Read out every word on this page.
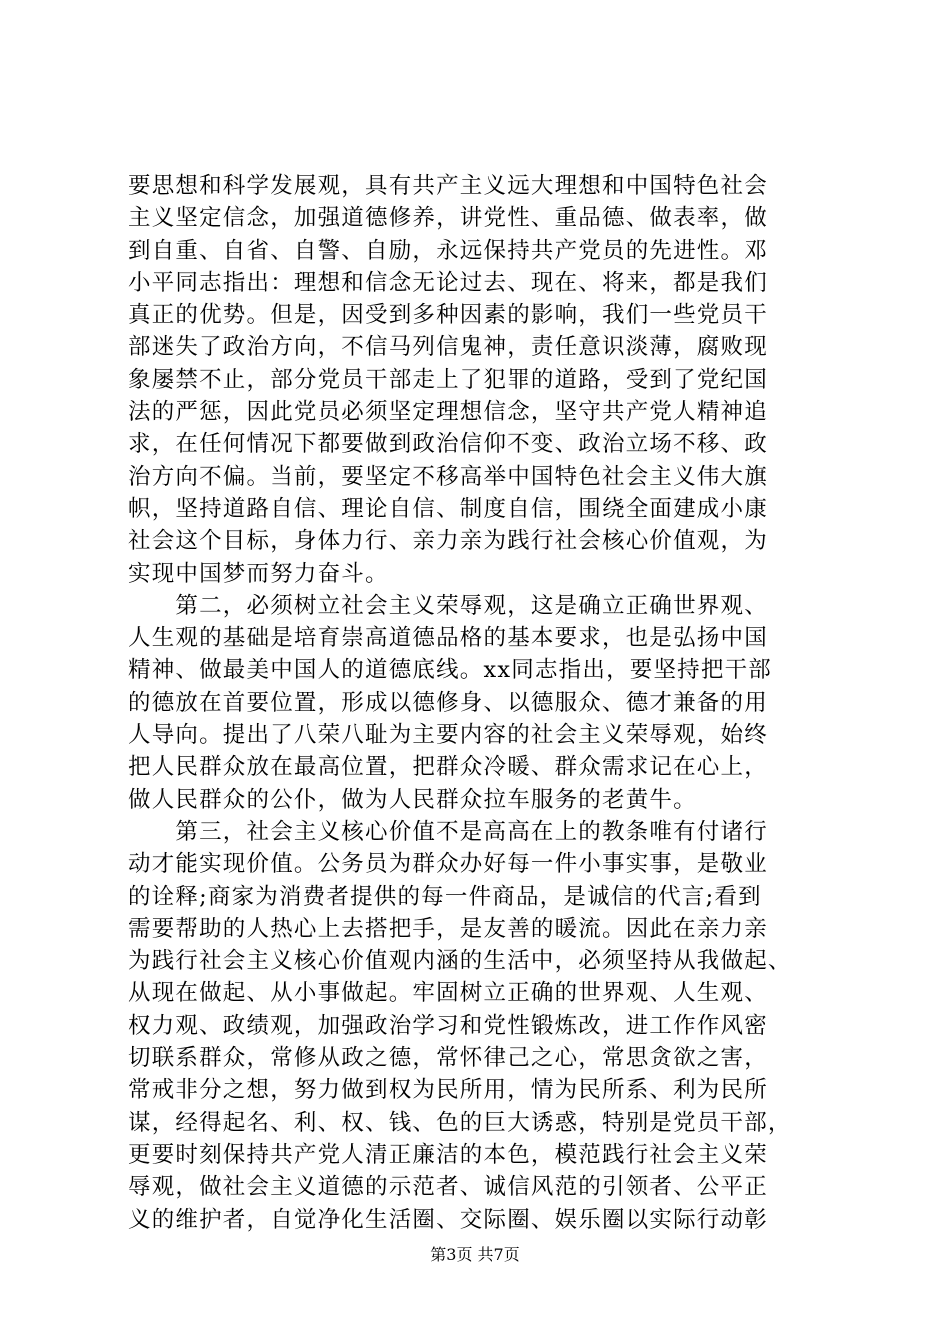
要思想和科学发展观，具有共产主义远大理想和中国特色社会
主义坚定信念，加强道德修养，讲党性、重品德、做表率，做
到自重、自省、自警、自励，永远保持共产党员的先进性。邓
小平同志指出：理想和信念无论过去、现在、将来，都是我们
真正的优势。但是，因受到多种因素的影响，我们一些党员干
部迷失了政治方向，不信马列信鬼神，责任意识淡薄，腐败现
象屡禁不止，部分党员干部走上了犯罪的道路，受到了党纪国
法的严惩，因此党员必须坚定理想信念，坚守共产党人精神追
求，在任何情况下都要做到政治信仰不变、政治立场不移、政
治方向不偏。当前，要坚定不移高举中国特色社会主义伟大旗
帜，坚持道路自信、理论自信、制度自信，围绕全面建成小康
社会这个目标，身体力行、亲力亲为践行社会核心价值观，为
实现中国梦而努力奋斗。
　　第二，必须树立社会主义荣辱观，这是确立正确世界观、
人生观的基础是培育崇高道德品格的基本要求，也是弘扬中国
精神、做最美中国人的道德底线。xx同志指出，要坚持把干部
的德放在首要位置，形成以德修身、以德服众、德才兼备的用
人导向。提出了八荣八耻为主要内容的社会主义荣辱观，始终
把人民群众放在最高位置，把群众冷暖、群众需求记在心上，
做人民群众的公仆，做为人民群众拉车服务的老黄牛。
　　第三，社会主义核心价值不是高高在上的教条唯有付诸行
动才能实现价值。公务员为群众办好每一件小事实事，是敬业
的诠释;商家为消费者提供的每一件商品，是诚信的代言;看到
需要帮助的人热心上去搭把手，是友善的暖流。因此在亲力亲
为践行社会主义核心价值观内涵的生活中，必须坚持从我做起、
从现在做起、从小事做起。牢固树立正确的世界观、人生观、
权力观、政绩观，加强政治学习和党性锻炼改，进工作作风密
切联系群众，常修从政之德，常怀律己之心，常思贪欲之害，
常戒非分之想，努力做到权为民所用，情为民所系、利为民所
谋，经得起名、利、权、钱、色的巨大诱惑，特别是党员干部，
更要时刻保持共产党人清正廉洁的本色，模范践行社会主义荣
辱观，做社会主义道德的示范者、诚信风范的引领者、公平正
义的维护者，自觉净化生活圈、交际圈、娱乐圈以实际行动彰
第3页 共7页
